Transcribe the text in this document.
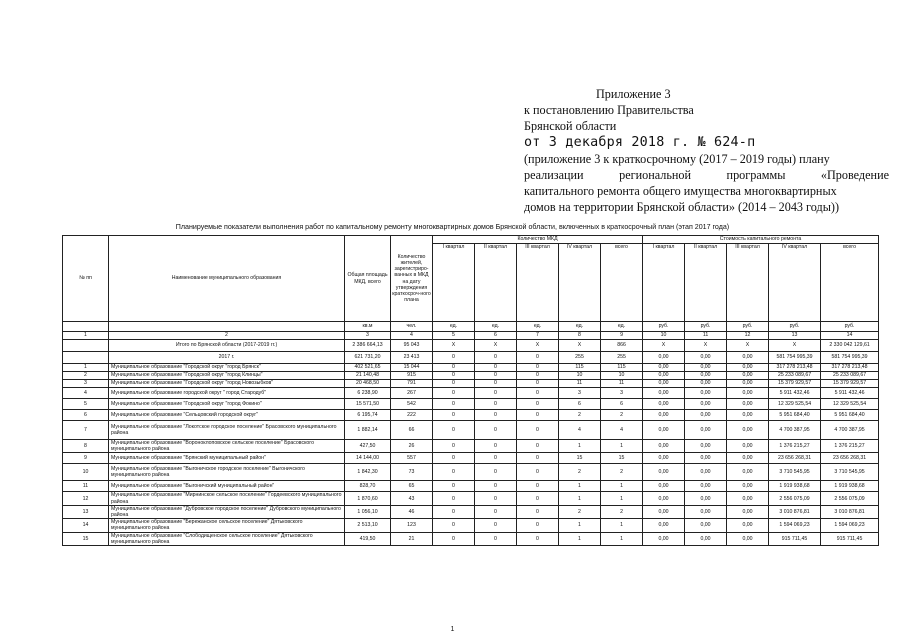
Приложение 3
к постановлению Правительства
Брянской области
от 3 декабря 2018 г. № 624-п
(приложение 3 к краткосрочному (2017 – 2019 годы) плану
реализации региональной программы «Проведение
капитального ремонта общего имущества многоквартирных
домов на территории Брянской области» (2014 – 2043 годы))
Планируемые показатели выполнения работ по капитальному ремонту многоквартирных домов Брянской области, включенных в краткосрочный план (этап 2017 года)
№ пп	Наименование муниципального образования	Общая площадь МКД, всего	Количество жителей, зарегистриро-ванных в МКД на дату утверждения краткосроч-ного плана	Количество МКД					Стоимость капитального ремонта				
				I квартал	II квартал	III квартал	IV квартал	всего	I квартал	II квартал	III квартал	IV квартал	всего
		кв.м	чел.	ед.	ед.	ед.	ед.	ед.	руб.	руб.	руб.	руб.	руб.
1	2	3	4	5	6	7	8	9	10	11	12	13	14
	Итого по Брянской области (2017-2019 гг.)	2 386 664,13	95 043	X	X	X	X	866	X	X	X	X	2 330 042 129,61
	2017 г.	621 731,20	23 413	0	0	0	255	255	0,00	0,00	0,00	581 754 995,39	581 754 995,39
1	Муниципальное образование "Городской округ "город Брянск"	402 521,65	15 044	0	0	0	115	115	0,00	0,00	0,00	317 278 213,48	317 278 213,48
2	Муниципальное образование "Городской округ "город Клинцы"	21 140,48	915	0	0	0	10	10	0,00	0,00	0,00	25 233 089,67	25 233 089,67
3	Муниципальное образование "Городской округ "город Новозыбков"	20 468,50	791	0	0	0	11	11	0,00	0,00	0,00	15 379 929,57	15 379 929,57
4	Муниципальное образование городской округ " город Стародуб"	6 238,90	267	0	0	0	3	3	0,00	0,00	0,00	5 911 432,46	5 911 432,46
5	Муниципальное образование "Городской округ "город Фокино"	15 571,50	542	0	0	0	6	6	0,00	0,00	0,00	12 329 525,54	12 329 525,54
6	Муниципальное образование "Сельцовский городской округ"	6 195,74	222	0	0	0	2	2	0,00	0,00	0,00	5 951 684,40	5 951 684,40
7	Муниципальное образование "Локотское городское поселение" Брасовского муниципального района	1 882,14	66	0	0	0	4	4	0,00	0,00	0,00	4 700 387,95	4 700 387,95
8	Муниципальное образование "Вороноклоповское сельское поселение" Брасовского муниципального района	427,50	26	0	0	0	1	1	0,00	0,00	0,00	1 376 215,27	1 376 215,27
9	Муниципальное образование "Брянский муниципальный район"	14 144,00	557	0	0	0	15	15	0,00	0,00	0,00	23 656 268,31	23 656 268,31
10	Муниципальное образование "Выгоничское городское поселение" Выгоничского муниципального района	1 842,30	73	0	0	0	2	2	0,00	0,00	0,00	3 710 545,95	3 710 545,95
11	Муниципальное образование "Выгоничский муниципальный район"	828,70	65	0	0	0	1	1	0,00	0,00	0,00	1 919 938,68	1 919 938,68
12	Муниципальное образование "Мирнинское сельское поселение" Гордеевского муниципального района	1 870,60	43	0	0	0	1	1	0,00	0,00	0,00	2 556 075,09	2 556 075,09
13	Муниципальное образование "Дубровское городское поселение" Дубровского муниципального района	1 056,10	46	0	0	0	2	2	0,00	0,00	0,00	3 010 876,81	3 010 876,81
14	Муниципальное образование "Бережанское сельское поселение" Дятьковского муниципального района	2 513,10	123	0	0	0	1	1	0,00	0,00	0,00	1 594 069,23	1 594 069,23
15	Муниципальное образование "Слободищенское сельское поселение" Дятьковского муниципального района	419,50	21	0	0	0	1	1	0,00	0,00	0,00	915 711,45	915 711,45
1
